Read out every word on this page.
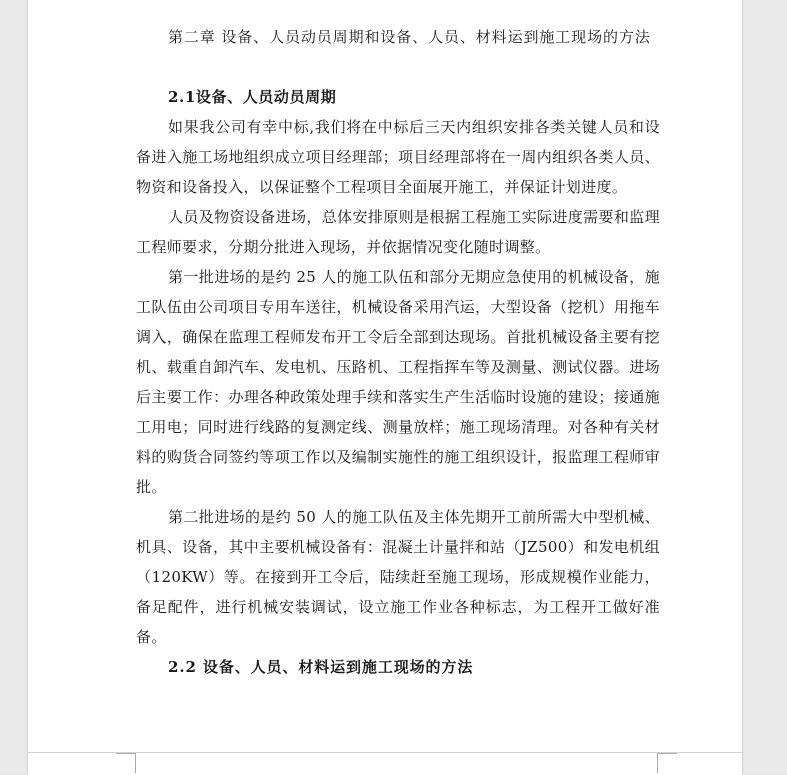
第二章 设备、人员动员周期和设备、人员、材料运到施工现场的方法

2.1设备、人员动员周期

如果我公司有幸中标,我们将在中标后三天内组织安排各类关键人员和设备进入施工场地组织成立项目经理部；项目经理部将在一周内组织各类人员、物资和设备投入，以保证整个工程项目全面展开施工，并保证计划进度。

人员及物资设备进场，总体安排原则是根据工程施工实际进度需要和监理工程师要求，分期分批进入现场，并依据情况变化随时调整。

第一批进场的是约 25 人的施工队伍和部分无期应急使用的机械设备，施工队伍由公司项目专用车送往，机械设备采用汽运，大型设备（挖机）用拖车调入，确保在监理工程师发布开工令后全部到达现场。首批机械设备主要有挖机、载重自卸汽车、发电机、压路机、工程指挥车等及测量、测试仪器。进场后主要工作：办理各种政策处理手续和落实生产生活临时设施的建设；接通施工用电；同时进行线路的复测定线、测量放样；施工现场清理。对各种有关材料的购货合同签约等项工作以及编制实施性的施工组织设计，报监理工程师审批。

第二批进场的是约 50 人的施工队伍及主体先期开工前所需大中型机械、机具、设备，其中主要机械设备有：混凝土计量拌和站（JZ500）和发电机组（120KW）等。在接到开工令后，陆续赶至施工现场，形成规模作业能力，备足配件，进行机械安装调试，设立施工作业各种标志，为工程开工做好准备。

2.2 设备、人员、材料运到施工现场的方法
